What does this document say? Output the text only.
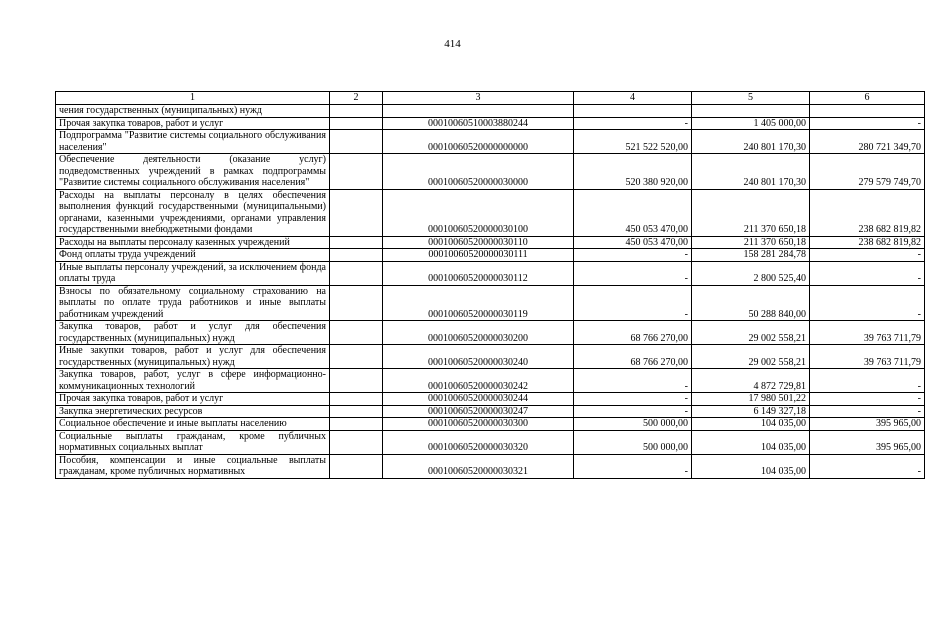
414
1	2	3	4	5	6
чения государственных (муниципальных) нужд					
Прочая закупка товаров, работ и услуг		00010060510003880244	-	1 405 000,00	-
Подпрограмма "Развитие системы социального обслуживания населения"		00010060520000000000	521 522 520,00	240 801 170,30	280 721 349,70
Обеспечение деятельности (оказание услуг) подведомственных учреждений в рамках подпрограммы "Развитие системы социального обслуживания населения"		00010060520000030000	520 380 920,00	240 801 170,30	279 579 749,70
Расходы на выплаты персоналу в целях обеспечения выполнения функций государственными (муниципальными) органами, казенными учреждениями, органами управления государственными внебюджетными фондами		00010060520000030100	450 053 470,00	211 370 650,18	238 682 819,82
Расходы на выплаты персоналу казенных учреждений		00010060520000030110	450 053 470,00	211 370 650,18	238 682 819,82
Фонд оплаты труда учреждений		00010060520000030111	-	158 281 284,78	-
Иные выплаты персоналу учреждений, за исключением фонда оплаты труда		00010060520000030112	-	2 800 525,40	-
Взносы по обязательному социальному страхованию на выплаты по оплате труда работников и иные выплаты работникам учреждений		00010060520000030119	-	50 288 840,00	-
Закупка товаров, работ и услуг для обеспечения государственных (муниципальных) нужд		00010060520000030200	68 766 270,00	29 002 558,21	39 763 711,79
Иные закупки товаров, работ и услуг для обеспечения государственных (муниципальных) нужд		00010060520000030240	68 766 270,00	29 002 558,21	39 763 711,79
Закупка товаров, работ, услуг в сфере информационно-коммуникационных технологий		00010060520000030242	-	4 872 729,81	-
Прочая закупка товаров, работ и услуг		00010060520000030244	-	17 980 501,22	-
Закупка энергетических ресурсов		00010060520000030247	-	6 149 327,18	-
Социальное обеспечение и иные выплаты населению		00010060520000030300	500 000,00	104 035,00	395 965,00
Социальные выплаты гражданам, кроме публичных нормативных социальных выплат		00010060520000030320	500 000,00	104 035,00	395 965,00
Пособия, компенсации и иные социальные выплаты гражданам, кроме публичных нормативных		00010060520000030321	-	104 035,00	-
